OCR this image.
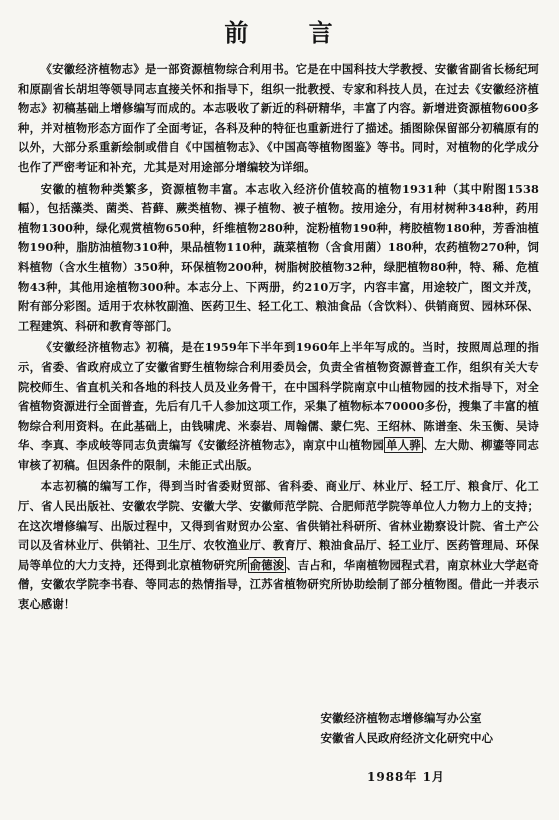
前 言

《安徽经济植物志》是一部资源植物综合利用书。它是在中国科技大学教授、安徽省副省长杨纪珂和原副省长胡坦等领导同志直接关怀和指导下，组织一批教授、专家和科技人员，在过去《安徽经济植物志》初稿基础上增修编写而成的。本志吸收了新近的科研精华，丰富了内容。新增进资源植物600多种，并对植物形态方面作了全面考证，各科及种的特征也重新进行了描述。插图除保留部分初稿原有的以外，大部分系重新绘制或借自《中国植物志》、《中国高等植物图鉴》等书。同时，对植物的化学成分也作了严密考证和补充，尤其是对用途部分增编较为详细。

安徽的植物种类繁多，资源植物丰富。本志收入经济价值较高的植物1931种（其中附图1538幅），包括藻类、菌类、苔藓、蕨类植物、裸子植物、被子植物。按用途分，有用材树种348种，药用植物1300种，绿化观赏植物650种，纤维植物280种，淀粉植物190种，栲胶植物180种，芳香油植物190种，脂肪油植物310种，果品植物110种，蔬菜植物（含食用菌）180种，农药植物270种，饲料植物（含水生植物）350种，环保植物200种，树脂树胶植物32种，绿肥植物80种，特、稀、危植物43种，其他用途植物300种。本志分上、下两册，约210万字，内容丰富，用途较广，图文并茂，附有部分彩图。适用于农林牧副渔、医药卫生、轻工化工、粮油食品（含饮料）、供销商贸、园林环保、工程建筑、科研和教育等部门。

《安徽经济植物志》初稿，是在1959年下半年到1960年上半年写成的。当时，按照周总理的指示，省委、省政府成立了安徽省野生植物综合利用委员会，负责全省植物资源普查工作，组织有关大专院校师生、省直机关和各地的科技人员及业务骨干，在中国科学院南京中山植物园的技术指导下，对全省植物资源进行全面普查，先后有几千人参加这项工作，采集了植物标本70000多份，搜集了丰富的植物综合利用资料。在此基础上，由钱啸虎、米泰岩、周翰儒、蒙仁宪、王绍林、陈谱奎、朱玉衡、吴诗华、李真、李成岐等同志负责编写《安徽经济植物志》，南京中山植物园 单人骅 、左大勋、柳鎏等同志审核了初稿。但因条件的限制，未能正式出版。

本志初稿的编写工作，得到当时省委财贸部、省科委、商业厅、林业厅、轻工厅、粮食厅、化工厅、省人民出版社、安徽农学院、安徽大学、安徽师范学院、合肥师范学院等单位人力物力上的支持；在这次增修编写、出版过程中，又得到省财贸办公室、省供销社科研所、省林业勘察设计院、省土产公司以及省林业厅、供销社、卫生厅、农牧渔业厅、教育厅、粮油食品厅、轻工业厅、医药管理局、环保局等单位的大力支持，还得到北京植物研究所 俞德浚 、吉占和，华南植物园程式君，南京林业大学赵奇僧，安徽农学院李书春、等同志的热情指导，江苏省植物研究所协助绘制了部分植物图。借此一并表示衷心感谢！

安徽经济植物志增修编写办公室
安徽省人民政府经济文化研究中心
1988年 1月
